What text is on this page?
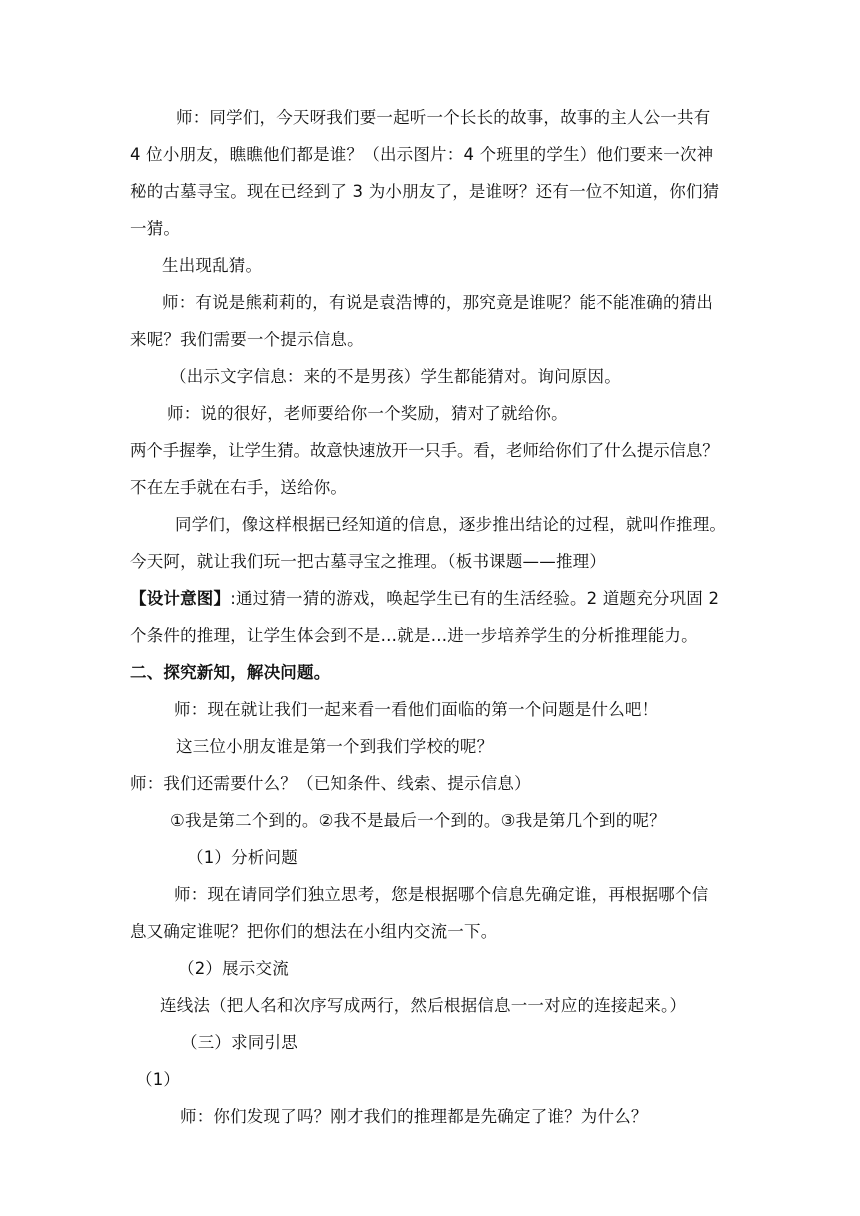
师：同学们，今天呀我们要一起听一个长长的故事，故事的主人公一共有
4 位小朋友，瞧瞧他们都是谁？（出示图片：4 个班里的学生）他们要来一次神
秘的古墓寻宝。现在已经到了 3 为小朋友了，是谁呀？还有一位不知道，你们猜
一猜。
生出现乱猜。
师：有说是熊莉莉的，有说是袁浩博的，那究竟是谁呢？能不能准确的猜出
来呢？我们需要一个提示信息。
（出示文字信息：来的不是男孩）学生都能猜对。询问原因。
师：说的很好，老师要给你一个奖励，猜对了就给你。
两个手握拳，让学生猜。故意快速放开一只手。看，老师给你们了什么提示信息？
不在左手就在右手，送给你。
同学们，像这样根据已经知道的信息，逐步推出结论的过程，就叫作推理。
今天阿，就让我们玩一把古墓寻宝之推理。（板书课题——推理）
【设计意图】:通过猜一猜的游戏，唤起学生已有的生活经验。2 道题充分巩固 2
个条件的推理，让学生体会到不是…就是…进一步培养学生的分析推理能力。
二、探究新知，解决问题。
师：现在就让我们一起来看一看他们面临的第一个问题是什么吧！
这三位小朋友谁是第一个到我们学校的呢？
师：我们还需要什么？（已知条件、线索、提示信息）
①我是第二个到的。②我不是最后一个到的。③我是第几个到的呢？
（1）分析问题
师：现在请同学们独立思考，您是根据哪个信息先确定谁，再根据哪个信
息又确定谁呢？把你们的想法在小组内交流一下。
（2）展示交流
连线法（把人名和次序写成两行，然后根据信息一一对应的连接起来。）
（三）求同引思
（1）
师：你们发现了吗？刚才我们的推理都是先确定了谁？为什么？
